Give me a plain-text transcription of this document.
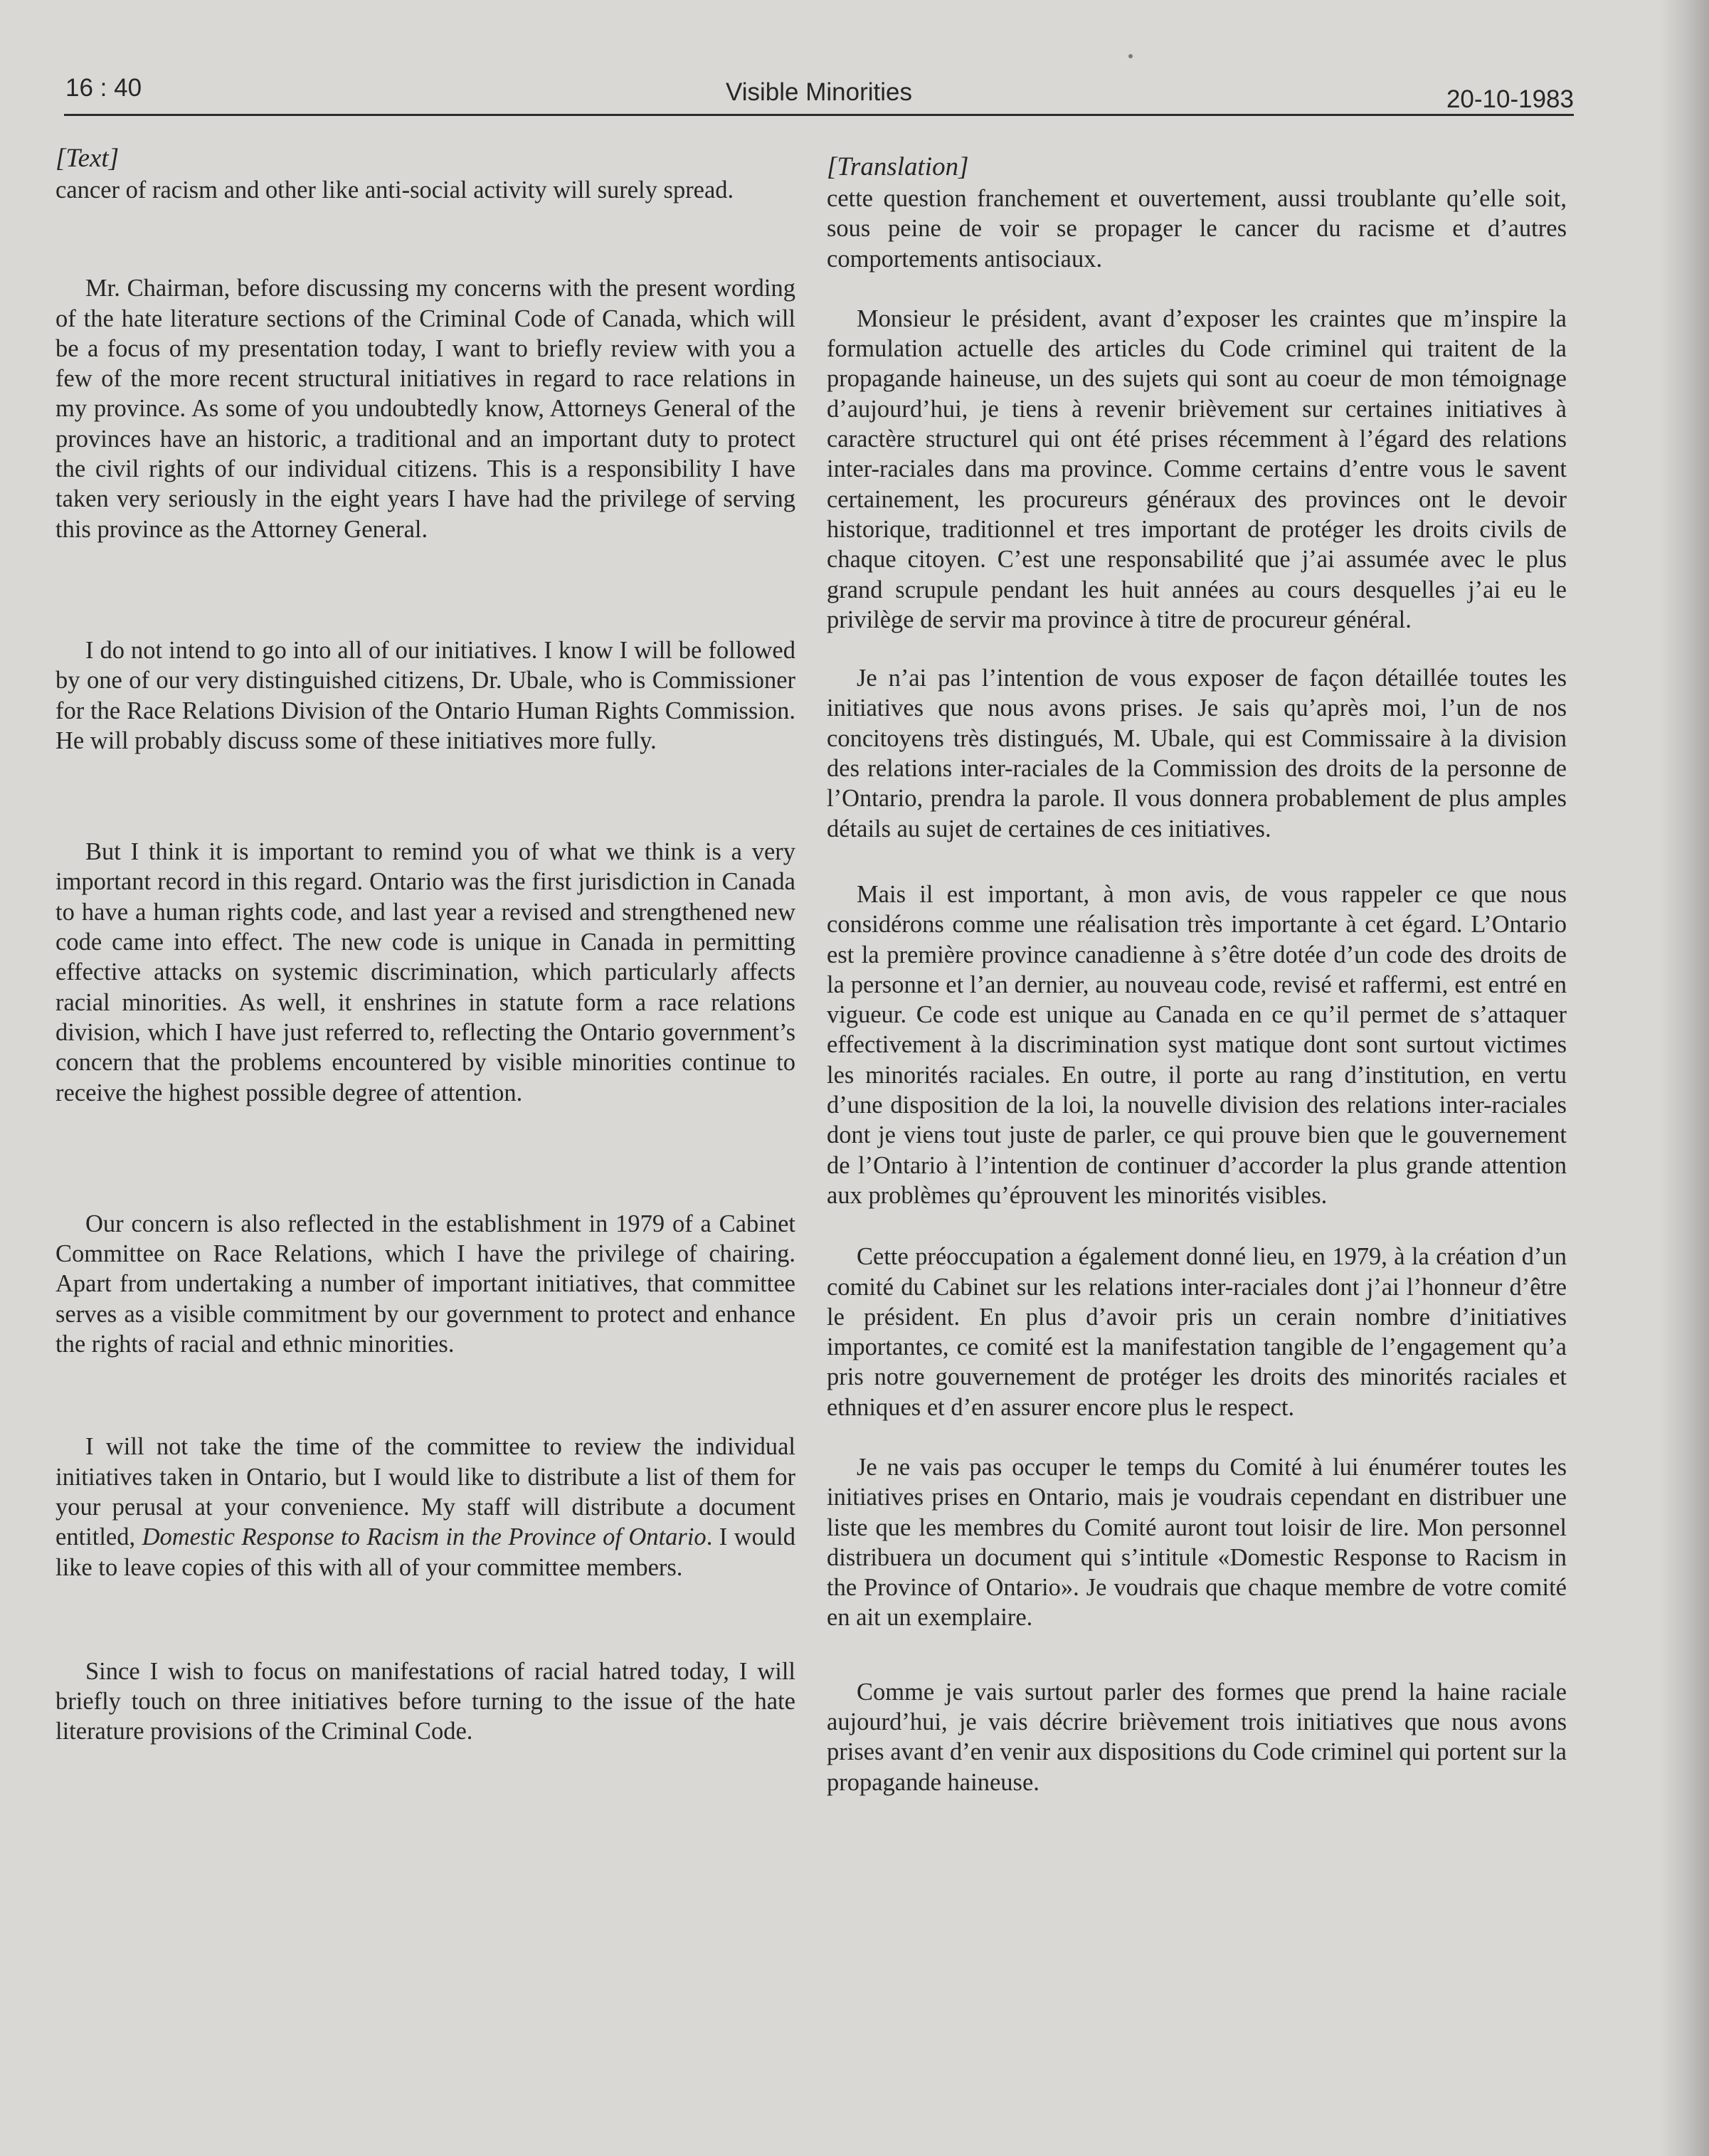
16 : 40	Visible Minorities	20-10-1983
[Text]

cancer of racism and other like anti-social activity will surely spread.

Mr. Chairman, before discussing my concerns with the present wording of the hate literature sections of the Criminal Code of Canada, which will be a focus of my presentation today, I want to briefly review with you a few of the more recent structural initiatives in regard to race relations in my province. As some of you undoubtedly know, Attorneys General of the provinces have an historic, a traditional and an important duty to protect the civil rights of our individual citizens. This is a responsibility I have taken very seriously in the eight years I have had the privilege of serving this province as the Attorney General.

I do not intend to go into all of our initiatives. I know I will be followed by one of our very distinguished citizens, Dr. Ubale, who is Commissioner for the Race Relations Division of the Ontario Human Rights Commission. He will probably discuss some of these initiatives more fully.

But I think it is important to remind you of what we think is a very important record in this regard. Ontario was the first jurisdiction in Canada to have a human rights code, and last year a revised and strengthened new code came into effect. The new code is unique in Canada in permitting effective attacks on systemic discrimination, which particularly affects racial minorities. As well, it enshrines in statute form a race relations division, which I have just referred to, reflecting the Ontario government’s concern that the problems encountered by visible minorities continue to receive the highest possible degree of attention.

Our concern is also reflected in the establishment in 1979 of a Cabinet Committee on Race Relations, which I have the privilege of chairing. Apart from undertaking a number of important initiatives, that committee serves as a visible commitment by our government to protect and enhance the rights of racial and ethnic minorities.

I will not take the time of the committee to review the individual initiatives taken in Ontario, but I would like to distribute a list of them for your perusal at your convenience. My staff will distribute a document entitled, Domestic Response to Racism in the Province of Ontario. I would like to leave copies of this with all of your committee members.

Since I wish to focus on manifestations of racial hatred today, I will briefly touch on three initiatives before turning to the issue of the hate literature provisions of the Criminal Code.

[Translation]

cette question franchement et ouvertement, aussi troublante qu’elle soit, sous peine de voir se propager le cancer du racisme et d’autres comportements antisociaux.

Monsieur le président, avant d’exposer les craintes que m’inspire la formulation actuelle des articles du Code criminel qui traitent de la propagande haineuse, un des sujets qui sont au coeur de mon témoignage d’aujourd’hui, je tiens à revenir brièvement sur certaines initiatives à caractère structurel qui ont été prises récemment à l’égard des relations inter-raciales dans ma province. Comme certains d’entre vous le savent certainement, les procureurs généraux des provinces ont le devoir historique, traditionnel et tres important de protéger les droits civils de chaque citoyen. C’est une responsabilité que j’ai assumée avec le plus grand scrupule pendant les huit années au cours desquelles j’ai eu le privilège de servir ma province à titre de procureur général.

Je n’ai pas l’intention de vous exposer de façon détaillée toutes les initiatives que nous avons prises. Je sais qu’après moi, l’un de nos concitoyens très distingués, M. Ubale, qui est Commissaire à la division des relations inter-raciales de la Commission des droits de la personne de l’Ontario, prendra la parole. Il vous donnera probablement de plus amples détails au sujet de certaines de ces initiatives.

Mais il est important, à mon avis, de vous rappeler ce que nous considérons comme une réalisation très importante à cet égard. L’Ontario est la première province canadienne à s’être dotée d’un code des droits de la personne et l’an dernier, au nouveau code, revisé et raffermi, est entré en vigueur. Ce code est unique au Canada en ce qu’il permet de s’attaquer effectivement à la discrimination syst matique dont sont surtout victimes les minorités raciales. En outre, il porte au rang d’institution, en vertu d’une disposition de la loi, la nouvelle division des relations inter-raciales dont je viens tout juste de parler, ce qui prouve bien que le gouvernement de l’Ontario à l’intention de continuer d’accorder la plus grande attention aux problèmes qu’éprouvent les minorités visibles.

Cette préoccupation a également donné lieu, en 1979, à la création d’un comité du Cabinet sur les relations inter-raciales dont j’ai l’honneur d’être le président. En plus d’avoir pris un cerain nombre d’initiatives importantes, ce comité est la manifestation tangible de l’engagement qu’a pris notre gouvernement de protéger les droits des minorités raciales et ethniques et d’en assurer encore plus le respect.

Je ne vais pas occuper le temps du Comité à lui énumérer toutes les initiatives prises en Ontario, mais je voudrais cependant en distribuer une liste que les membres du Comité auront tout loisir de lire. Mon personnel distribuera un document qui s’intitule «Domestic Response to Racism in the Province of Ontario». Je voudrais que chaque membre de votre comité en ait un exemplaire.

Comme je vais surtout parler des formes que prend la haine raciale aujourd’hui, je vais décrire brièvement trois initiatives que nous avons prises avant d’en venir aux dispositions du Code criminel qui portent sur la propagande haineuse.
